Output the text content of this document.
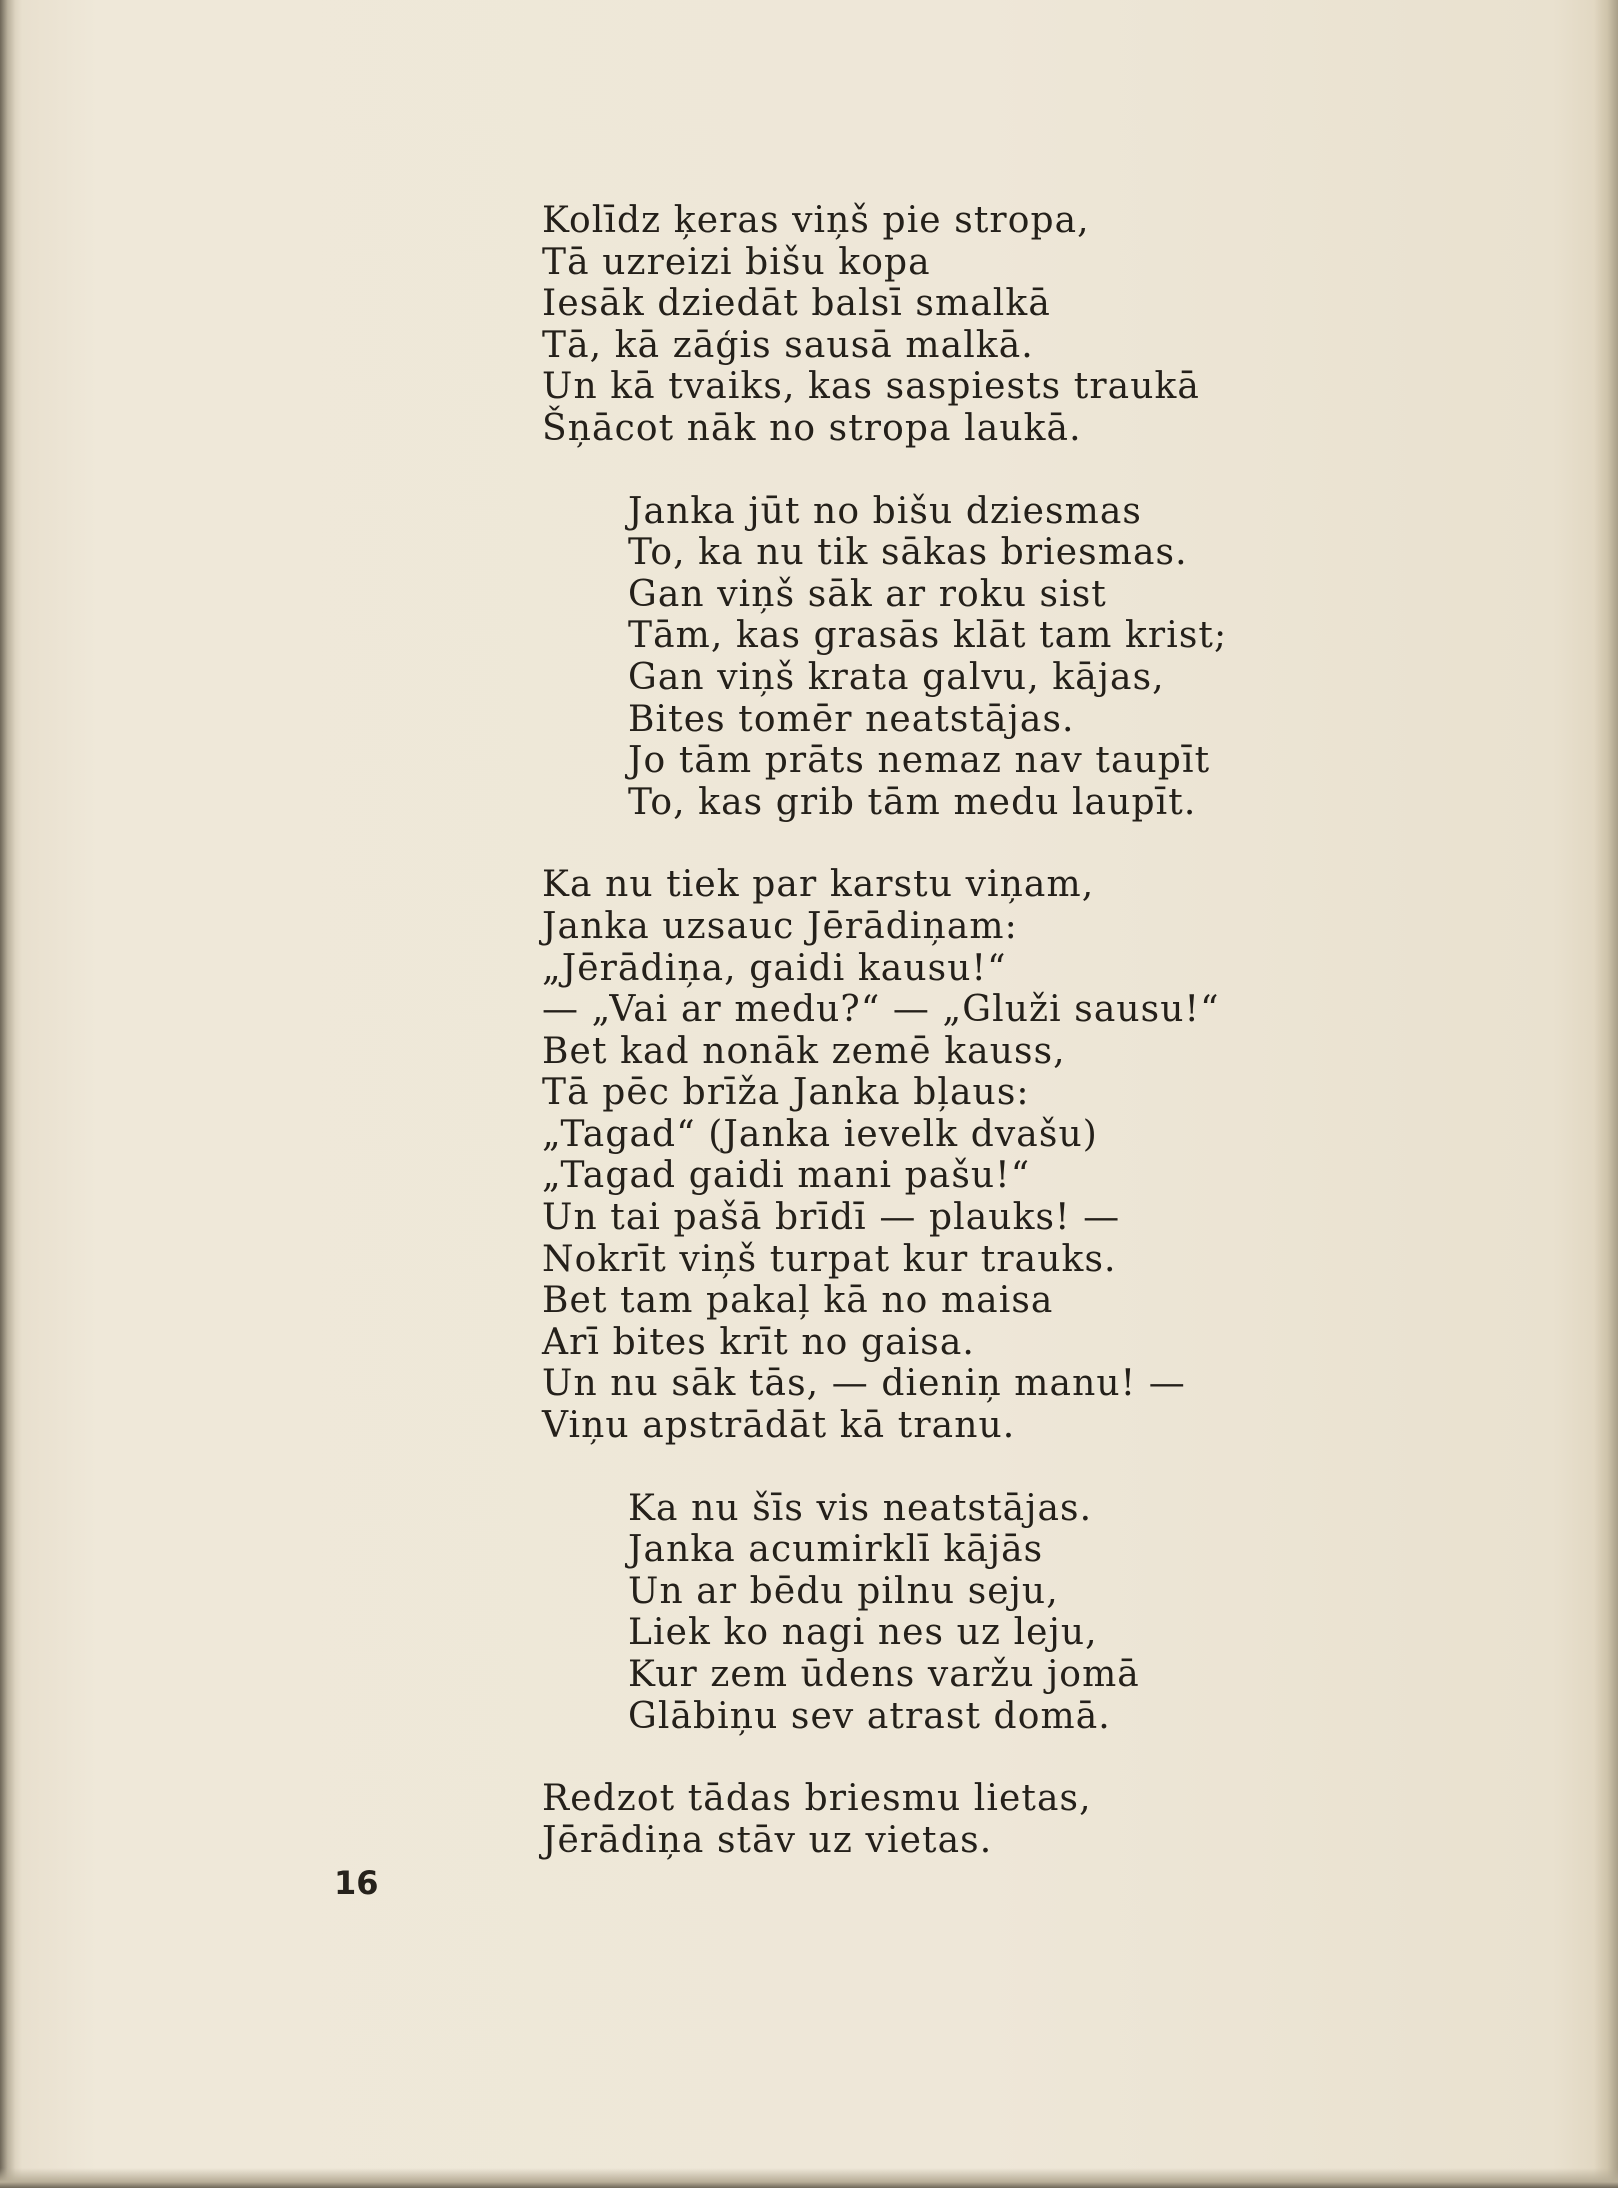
Kolīdz ķeras viņš pie stropa,
Tā uzreizi bišu kopa
Iesāk dziedāt balsī smalkā
Tā, kā zāģis sausā malkā.
Un kā tvaiks, kas saspiests traukā
Šņācot nāk no stropa laukā.
Janka jūt no bišu dziesmas
To, ka nu tik sākas briesmas.
Gan viņš sāk ar roku sist
Tām, kas grasās klāt tam krist;
Gan viņš krata galvu, kājas,
Bites tomēr neatstājas.
Jo tām prāts nemaz nav taupīt
To, kas grib tām medu laupīt.
Ka nu tiek par karstu viņam,
Janka uzsauc Jērādiņam:
„Jērādiņa, gaidi kausu!“
— „Vai ar medu?“ — „Gluži sausu!“
Bet kad nonāk zemē kauss,
Tā pēc brīža Janka bļaus:
„Tagad“ (Janka ievelk dvašu)
„Tagad gaidi mani pašu!“
Un tai pašā brīdī — plauks! —
Nokrīt viņš turpat kur trauks.
Bet tam pakaļ kā no maisa
Arī bites krīt no gaisa.
Un nu sāk tās, — dieniņ manu! —
Viņu apstrādāt kā tranu.
Ka nu šīs vis neatstājas.
Janka acumirklī kājās
Un ar bēdu pilnu seju,
Liek ko nagi nes uz leju,
Kur zem ūdens varžu jomā
Glābiņu sev atrast domā.
Redzot tādas briesmu lietas,
Jērādiņa stāv uz vietas.
16
